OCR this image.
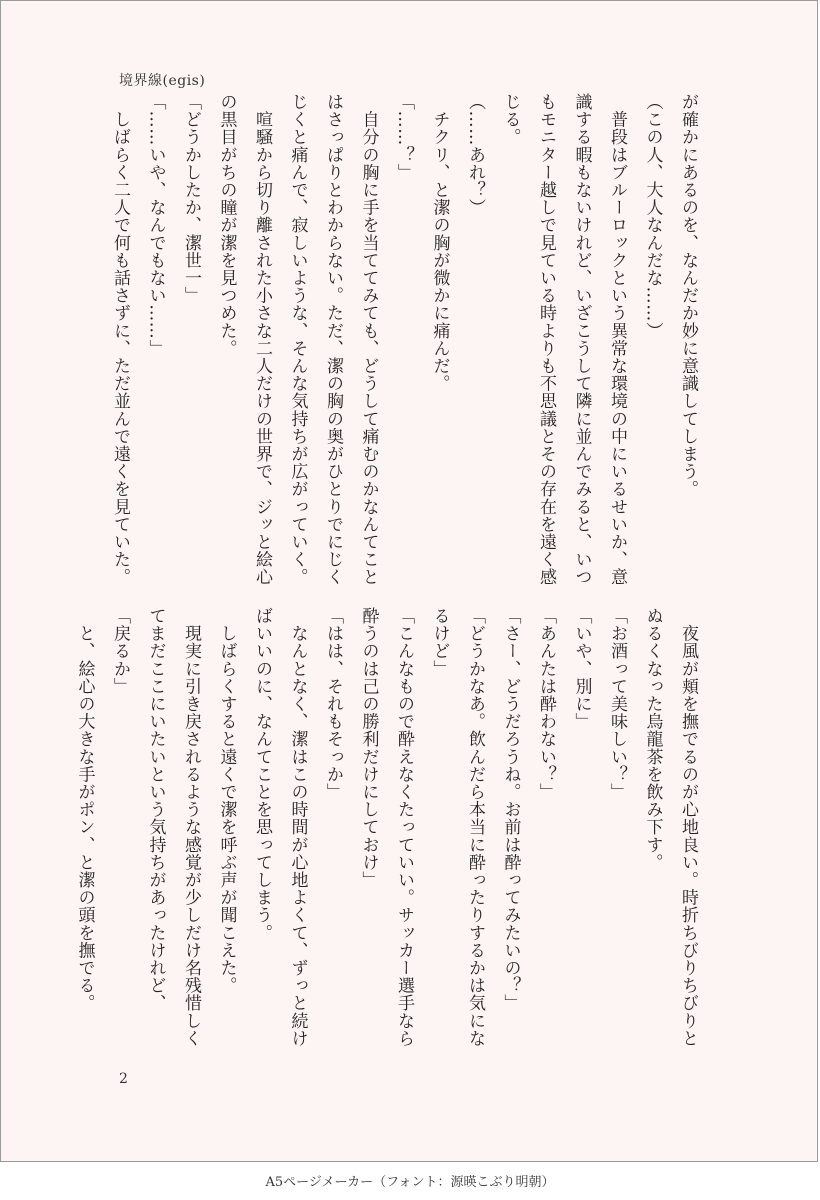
境界線(egis)

が確かにあるのを、なんだか妙に意識してしまう。
（この人、大人なんだな……）
　普段はブルーロックという異常な環境の中にいるせいか、意識する暇もないけれど、いざこうして隣に並んでみると、いつもモニター越しで見ている時よりも不思議とその存在を遠く感じる。
（……あれ？）
　チクリ、と潔の胸が微かに痛んだ。
「……？」
　自分の胸に手を当ててみても、どうして痛むのかなんてことはさっぱりとわからない。ただ、潔の胸の奥がひとりでにじくじくと痛んで、寂しいような、そんな気持ちが広がっていく。
　喧騒から切り離された小さな二人だけの世界で、ジッと絵心の黒目がちの瞳が潔を見つめた。
「どうかしたか、潔世一」
「……いや、なんでもない……」
　しばらく二人で何も話さずに、ただ並んで遠くを見ていた。

　夜風が頬を撫でるのが心地良い。時折ちびりちびりとぬるくなった烏龍茶を飲み下す。
「お酒って美味しい？」
「いや、別に」
「あんたは酔わない？」
「さー、どうだろうね。お前は酔ってみたいの？」
「どうかなあ。飲んだら本当に酔ったりするかは気になるけど」
「こんなもので酔えなくたっていい。サッカー選手なら酔うのは己の勝利だけにしておけ」
「はは、それもそっか」
　なんとなく、潔はこの時間が心地よくて、ずっと続けばいいのに、なんてことを思ってしまう。
　しばらくすると遠くで潔を呼ぶ声が聞こえた。
　現実に引き戻されるような感覚が少しだけ名残惜しくてまだここにいたいという気持ちがあったけれど、
「戻るか」
　と、絵心の大きな手がポン、と潔の頭を撫でる。

2
A5ページメーカー（フォント：源暎こぶり明朝）
